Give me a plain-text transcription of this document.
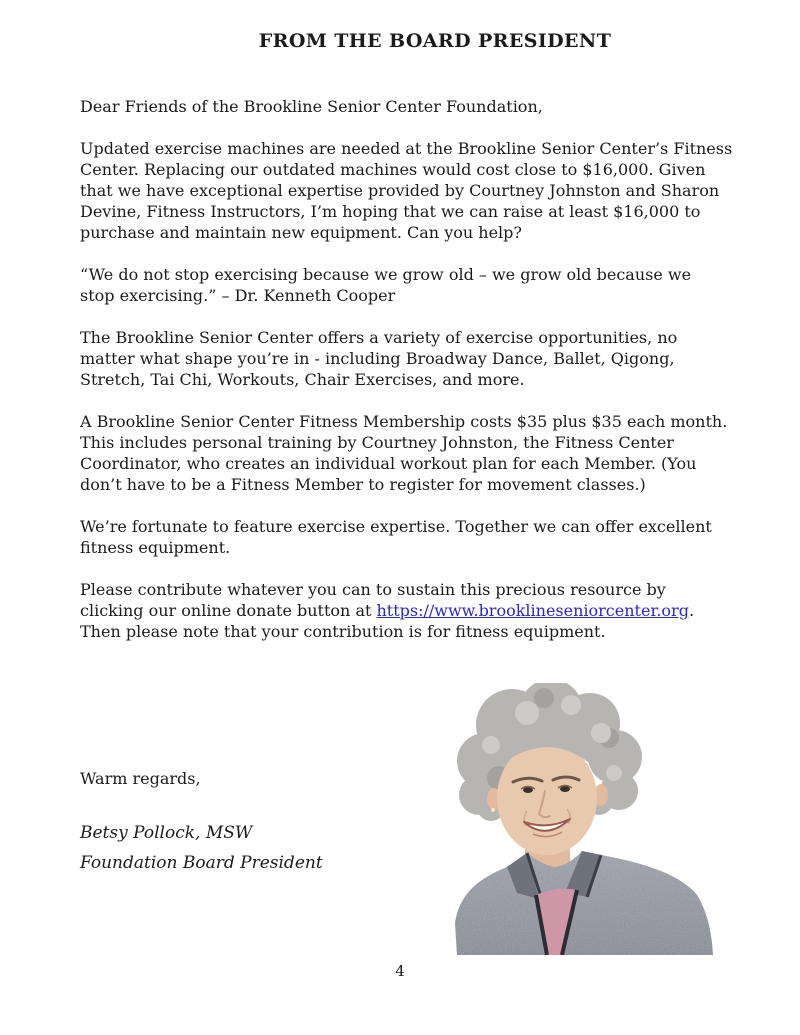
FROM THE BOARD PRESIDENT
Dear Friends of the Brookline Senior Center Foundation,
Updated exercise machines are needed at the Brookline Senior Center’s Fitness
Center. Replacing our outdated machines would cost close to $16,000. Given
that we have exceptional expertise provided by Courtney Johnston and Sharon
Devine, Fitness Instructors, I’m hoping that we can raise at least $16,000 to
purchase and maintain new equipment. Can you help?
“We do not stop exercising because we grow old – we grow old because we
stop exercising.” – Dr. Kenneth Cooper
The Brookline Senior Center offers a variety of exercise opportunities, no
matter what shape you’re in - including Broadway Dance, Ballet, Qigong,
Stretch, Tai Chi, Workouts, Chair Exercises, and more.
A Brookline Senior Center Fitness Membership costs $35 plus $35 each month.
This includes personal training by Courtney Johnston, the Fitness Center
Coordinator, who creates an individual workout plan for each Member. (You
don’t have to be a Fitness Member to register for movement classes.)
We’re fortunate to feature exercise expertise. Together we can offer excellent
fitness equipment.
Please contribute whatever you can to sustain this precious resource by
clicking our online donate button at https://www.brooklineseniorcenter.org.
Then please note that your contribution is for fitness equipment.
Warm regards,
Betsy Pollock, MSW
Foundation Board President
4
